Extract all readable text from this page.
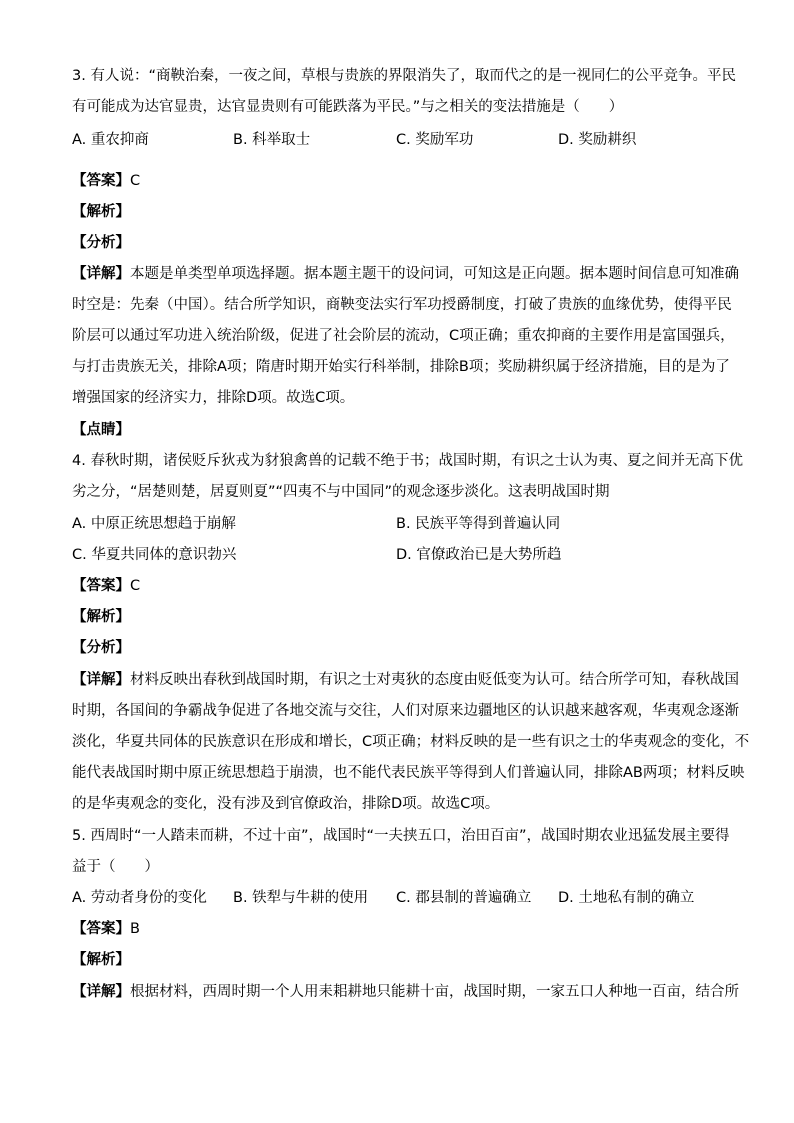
3. 有人说：“商鞅治秦，一夜之间，草根与贵族的界限消失了，取而代之的是一视同仁的公平竞争。平民
有可能成为达官显贵，达官显贵则有可能跌落为平民。”与之相关的变法措施是（　　）
A. 重农抑商	B. 科举取士	C. 奖励军功	D. 奖励耕织
【答案】C
【解析】
【分析】
【详解】本题是单类型单项选择题。据本题主题干的设问词，可知这是正向题。据本题时间信息可知准确
时空是：先秦（中国）。结合所学知识，商鞅变法实行军功授爵制度，打破了贵族的血缘优势，使得平民
阶层可以通过军功进入统治阶级，促进了社会阶层的流动，C项正确；重农抑商的主要作用是富国强兵，
与打击贵族无关，排除A项；隋唐时期开始实行科举制，排除B项；奖励耕织属于经济措施，目的是为了
增强国家的经济实力，排除D项。故选C项。
【点睛】
4. 春秋时期，诸侯贬斥狄戎为豺狼禽兽的记载不绝于书；战国时期，有识之士认为夷、夏之间并无高下优
劣之分，“居楚则楚，居夏则夏”“四夷不与中国同”的观念逐步淡化。这表明战国时期
A. 中原正统思想趋于崩解	B. 民族平等得到普遍认同
C. 华夏共同体的意识勃兴	D. 官僚政治已是大势所趋
【答案】C
【解析】
【分析】
【详解】材料反映出春秋到战国时期，有识之士对夷狄的态度由贬低变为认可。结合所学可知，春秋战国
时期，各国间的争霸战争促进了各地交流与交往，人们对原来边疆地区的认识越来越客观，华夷观念逐渐
淡化，华夏共同体的民族意识在形成和增长，C项正确；材料反映的是一些有识之士的华夷观念的变化，不
能代表战国时期中原正统思想趋于崩溃，也不能代表民族平等得到人们普遍认同，排除AB两项；材料反映
的是华夷观念的变化，没有涉及到官僚政治，排除D项。故选C项。
5. 西周时“一人踏耒而耕，不过十亩”，战国时“一夫挟五口，治田百亩”，战国时期农业迅猛发展主要得
益于（　　）
A. 劳动者身份的变化 B. 铁犁与牛耕的使用 C. 郡县制的普遍确立 D. 土地私有制的确立
【答案】B
【解析】
【详解】根据材料，西周时期一个人用耒耜耕地只能耕十亩，战国时期，一家五口人种地一百亩，结合所
